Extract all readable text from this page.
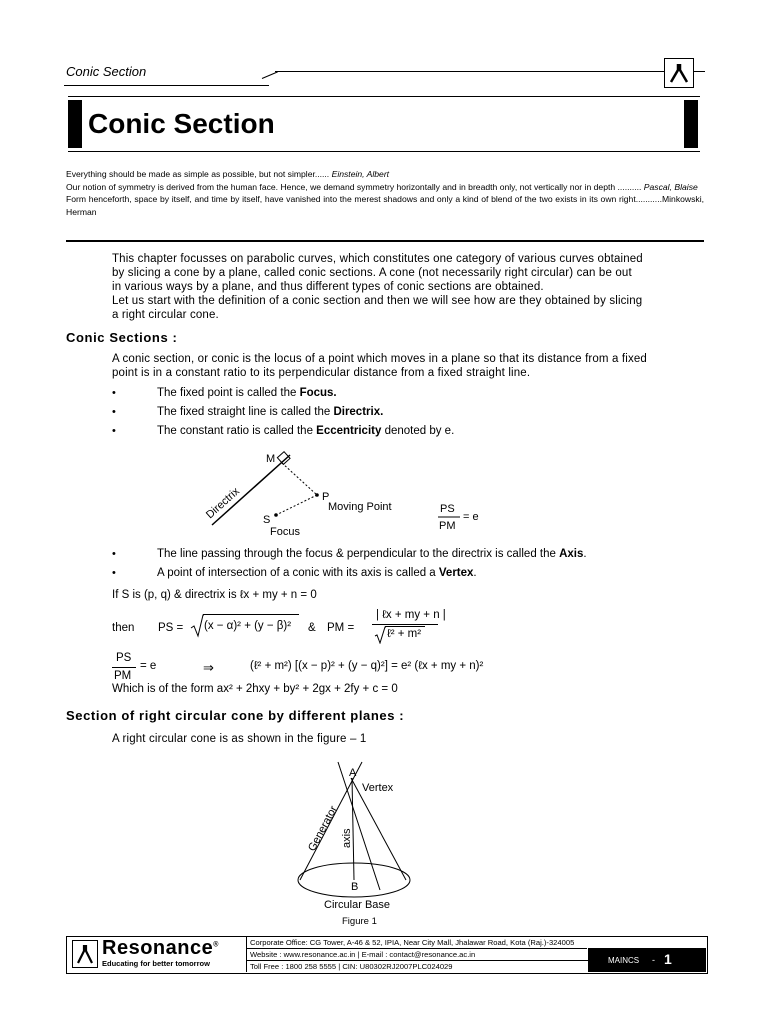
Conic Section
Conic Section

Everything should be made as simple as possible, but not simpler...... Einstein, Albert

Our notion of symmetry is derived from the human face. Hence, we demand symmetry horizontally and in breadth only, not vertically nor in depth .......... Pascal, Blaise

Form henceforth, space by itself, and time by itself, have vanished into the merest shadows and only a kind of blend of the two exists in its own right...........Minkowski, Herman

This chapter focusses on parabolic curves, which constitutes one category of various curves obtained
by slicing a cone by a plane, called conic sections. A cone (not necessarily right circular) can be out
in various ways by a plane, and thus different types of conic sections are obtained.
Let us start with the definition of a conic section and then we will see how are they obtained by slicing
a right circular cone.
Conic Sections :
A conic section, or conic is the locus of a point which moves in a plane so that its distance from a fixed
point is in a constant ratio to its perpendicular distance from a fixed straight line.
•	The fixed point is called the Focus.
•	The fixed straight line is called the Directrix.
•	The constant ratio is called the Eccentricity denoted by e.
M
P
Moving Point
S
Focus
Directrix	PS
PM
= e
•	The line passing through the focus & perpendicular to the directrix is called the Axis.
•	A point of intersection of a conic with its axis is called a Vertex.
If S is (p, q) & directrix is ℓx + my + n = 0
then PS = (x − α)² + (y − β)² & PM =
| ℓx + my + n |
ℓ² + m²
PS
PM
= e	⇒	(ℓ² + m²) [(x − p)² + (y − q)²] = e² (ℓx + my + n)²
Which is of the form ax² + 2hxy + by² + 2gx + 2fy + c = 0
Section of right circular cone by different planes :
A right circular cone is as shown in the figure – 1
A
Vertex
Generator axis
B
Circular Base
Figure 1
Resonance®
Educating for better tomorrow
Corporate Office: CG Tower, A-46 & 52, IPIA, Near City Mall, Jhalawar Road, Kota (Raj.)-324005
Website : www.resonance.ac.in | E-mail : contact@resonance.ac.in
Toll Free : 1800 258 5555 | CIN: U80302RJ2007PLC024029
MAINCS - 1
